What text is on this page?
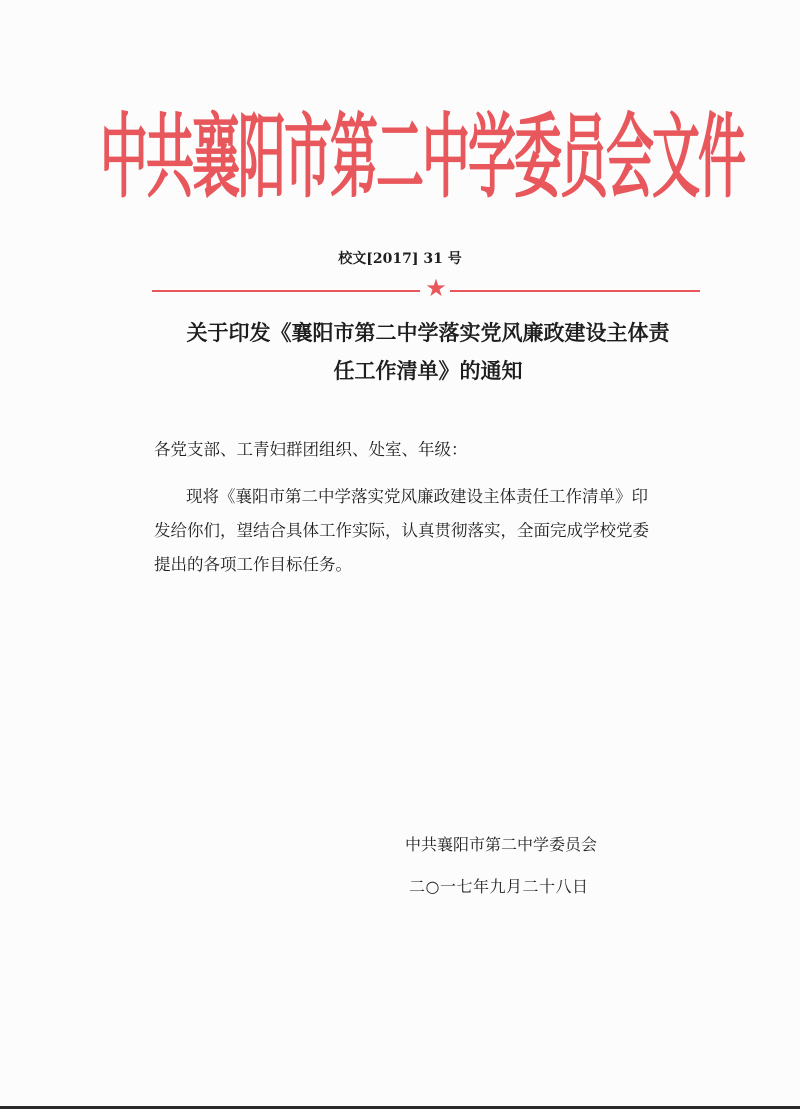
中共襄阳市第二中学委员会文件
校文[2017] 31 号
★
关于印发《襄阳市第二中学落实党风廉政建设主体责
任工作清单》的通知
各党支部、工青妇群团组织、处室、年级：
现将《襄阳市第二中学落实党风廉政建设主体责任工作清单》印
发给你们，望结合具体工作实际，认真贯彻落实，全面完成学校党委
提出的各项工作目标任务。
中共襄阳市第二中学委员会
二○一七年九月二十八日
